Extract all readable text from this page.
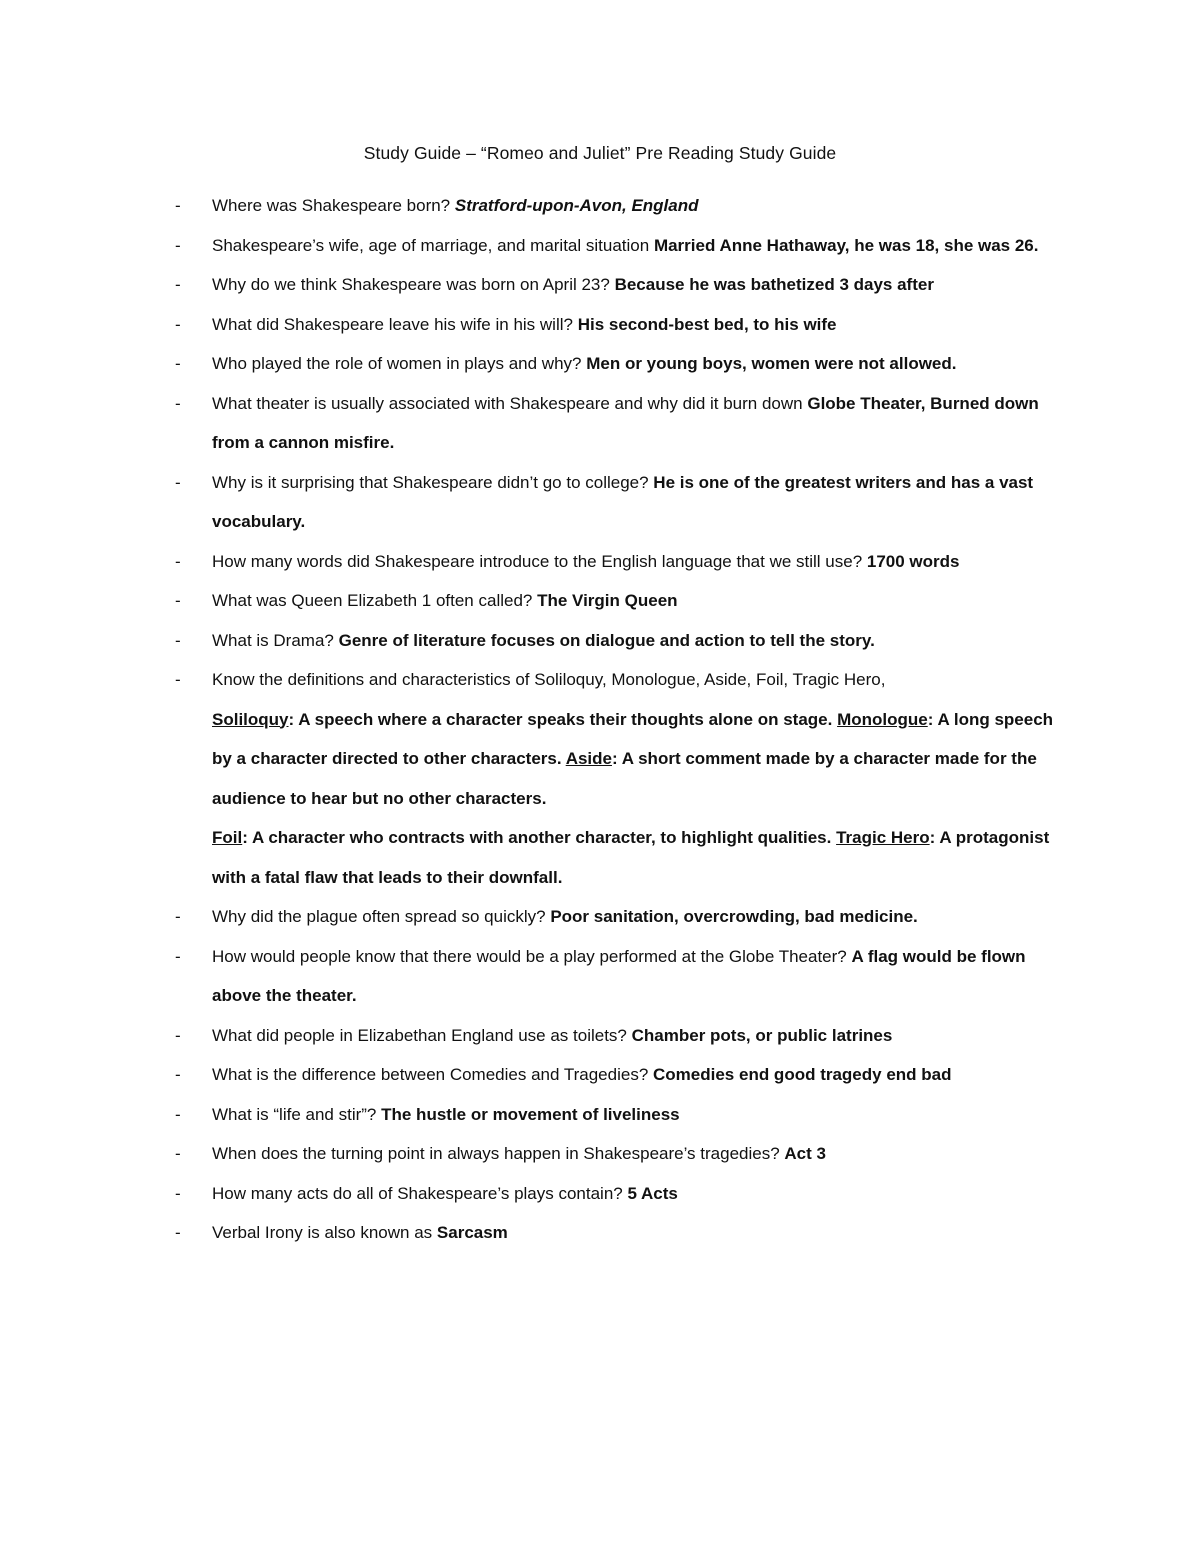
Study Guide – “Romeo and Juliet” Pre Reading Study Guide
-	Where was Shakespeare born? Stratford-upon-Avon, England
-	Shakespeare’s wife, age of marriage, and marital situation Married Anne Hathaway, he was 18, she was 26.
-	Why do we think Shakespeare was born on April 23? Because he was bathetized 3 days after
-	What did Shakespeare leave his wife in his will? His second-best bed, to his wife
-	Who played the role of women in plays and why? Men or young boys, women were not allowed.
-	What theater is usually associated with Shakespeare and why did it burn down Globe Theater, Burned down from a cannon misfire.
-	Why is it surprising that Shakespeare didn’t go to college? He is one of the greatest writers and has a vast vocabulary.
-	How many words did Shakespeare introduce to the English language that we still use? 1700 words
-	What was Queen Elizabeth 1 often called? The Virgin Queen
-	What is Drama? Genre of literature focuses on dialogue and action to tell the story.
-	Know the definitions and characteristics of Soliloquy, Monologue, Aside, Foil, Tragic Hero,
Soliloquy: A speech where a character speaks their thoughts alone on stage. Monologue: A long speech by a character directed to other characters. Aside: A short comment made by a character made for the audience to hear but no other characters.
Foil: A character who contracts with another character, to highlight qualities. Tragic Hero: A protagonist with a fatal flaw that leads to their downfall.
-	Why did the plague often spread so quickly? Poor sanitation, overcrowding, bad medicine.
-	How would people know that there would be a play performed at the Globe Theater? A flag would be flown above the theater.
-	What did people in Elizabethan England use as toilets? Chamber pots, or public latrines
-	What is the difference between Comedies and Tragedies? Comedies end good tragedy end bad
-	What is “life and stir”? The hustle or movement of liveliness
-	When does the turning point in always happen in Shakespeare’s tragedies? Act 3
-	How many acts do all of Shakespeare’s plays contain? 5 Acts
-	Verbal Irony is also known as Sarcasm
